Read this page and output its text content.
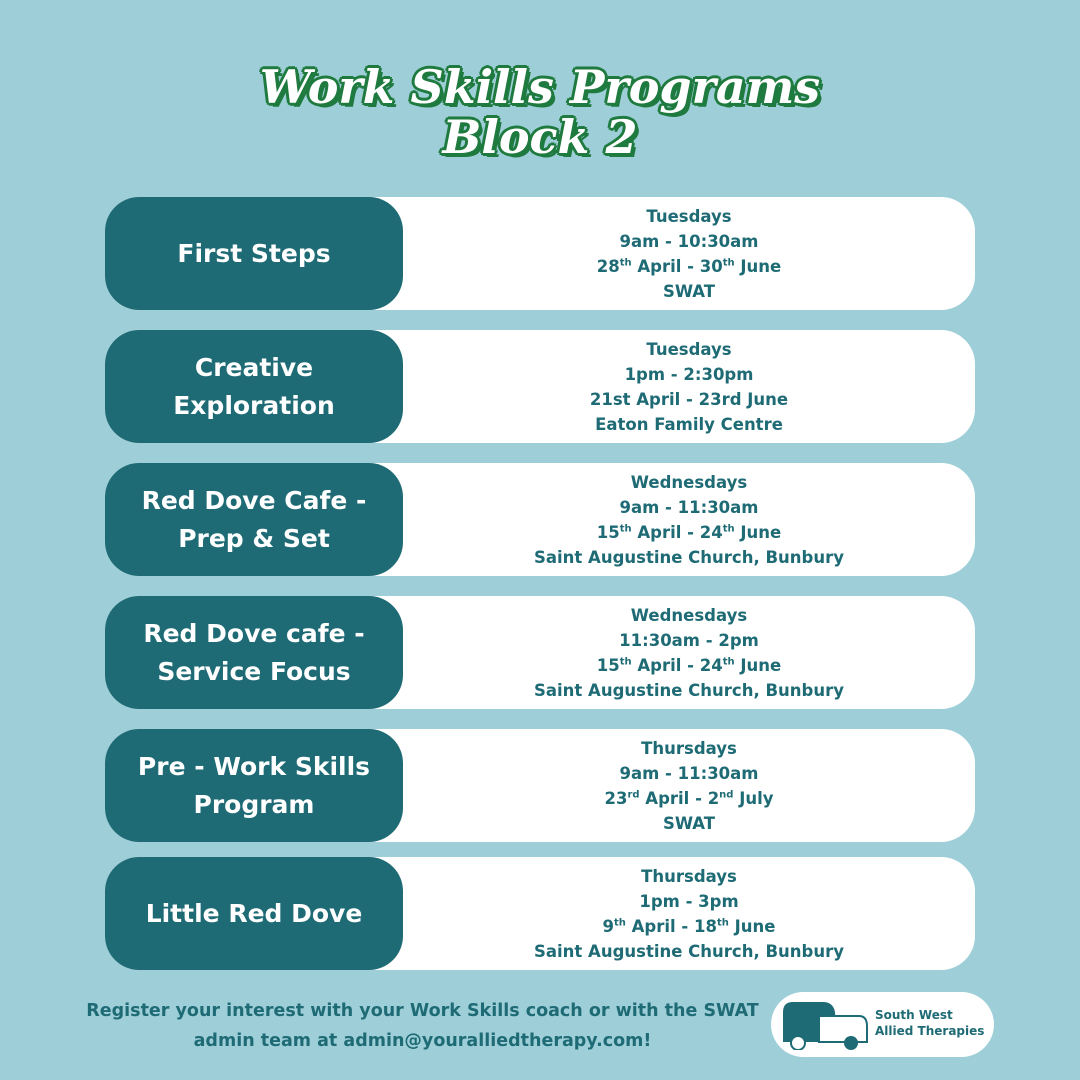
Work Skills Programs
Block 2
First Steps
Tuesdays
9am - 10:30am
28th April - 30th June
SWAT
Creative Exploration
Tuesdays
1pm - 2:30pm
21st April - 23rd June
Eaton Family Centre
Red Dove Cafe - Prep & Set
Wednesdays
9am - 11:30am
15th April - 24th June
Saint Augustine Church, Bunbury
Red Dove cafe - Service Focus
Wednesdays
11:30am - 2pm
15th April - 24th June
Saint Augustine Church, Bunbury
Pre - Work Skills Program
Thursdays
9am - 11:30am
23rd April - 2nd July
SWAT
Little Red Dove
Thursdays
1pm - 3pm
9th April - 18th June
Saint Augustine Church, Bunbury
Register your interest with your Work Skills coach or with the SWAT
admin team at admin@youralliedtherapy.com!
South West
Allied Therapies
